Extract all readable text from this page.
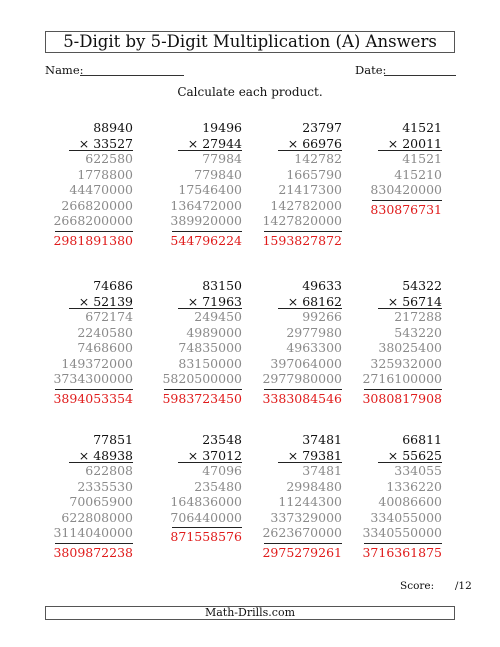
5-Digit by 5-Digit Multiplication (A) Answers
Name:	Date:
Calculate each product.
88940
× 33527
622580
1778800
44470000
266820000
2668200000
2981891380
19496
× 27944
77984
779840
17546400
136472000
389920000
544796224
23797
× 66976
142782
1665790
21417300
142782000
1427820000
1593827872
41521
× 20011
41521
415210
830420000
830876731
74686
× 52139
672174
2240580
7468600
149372000
3734300000
3894053354
83150
× 71963
249450
4989000
74835000
83150000
5820500000
5983723450
49633
× 68162
99266
2977980
4963300
397064000
2977980000
3383084546
54322
× 56714
217288
543220
38025400
325932000
2716100000
3080817908
77851
× 48938
622808
2335530
70065900
622808000
3114040000
3809872238
23548
× 37012
47096
235480
164836000
706440000
871558576
37481
× 79381
37481
2998480
11244300
337329000
2623670000
2975279261
66811
× 55625
334055
1336220
40086600
334055000
3340550000
3716361875
Score: /12
Math-Drills.com
